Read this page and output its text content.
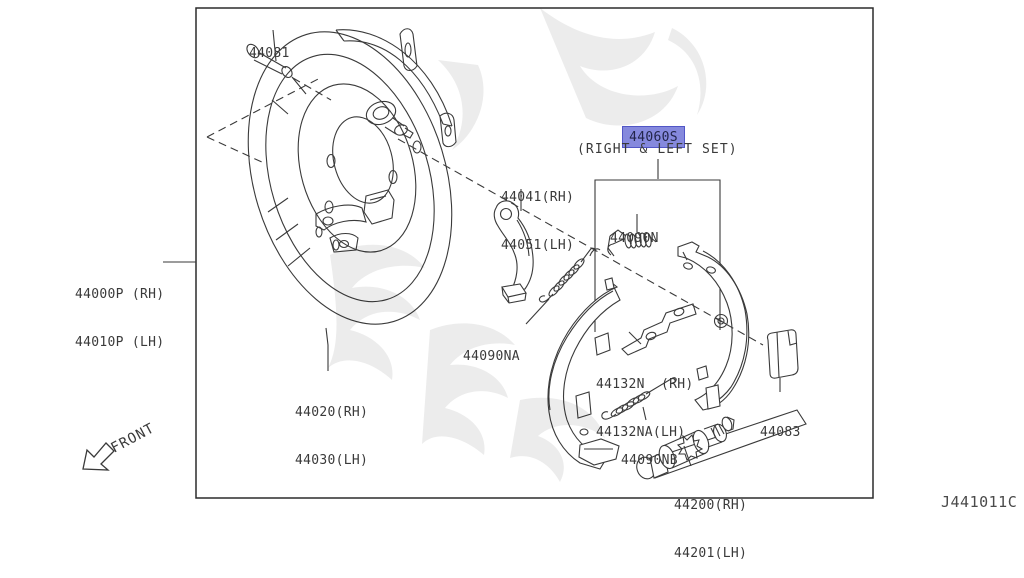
FRONT

44081

44000P (RH)

44010P (LH)

44020(RH)

44030(LH)

44041(RH)

44051(LH)

44060S
(RIGHT & LEFT SET)

44090N

44090NA

44132N  (RH)

44132NA(LH)

44090NB

44083

44200(RH)

44201(LH)

J441011C
